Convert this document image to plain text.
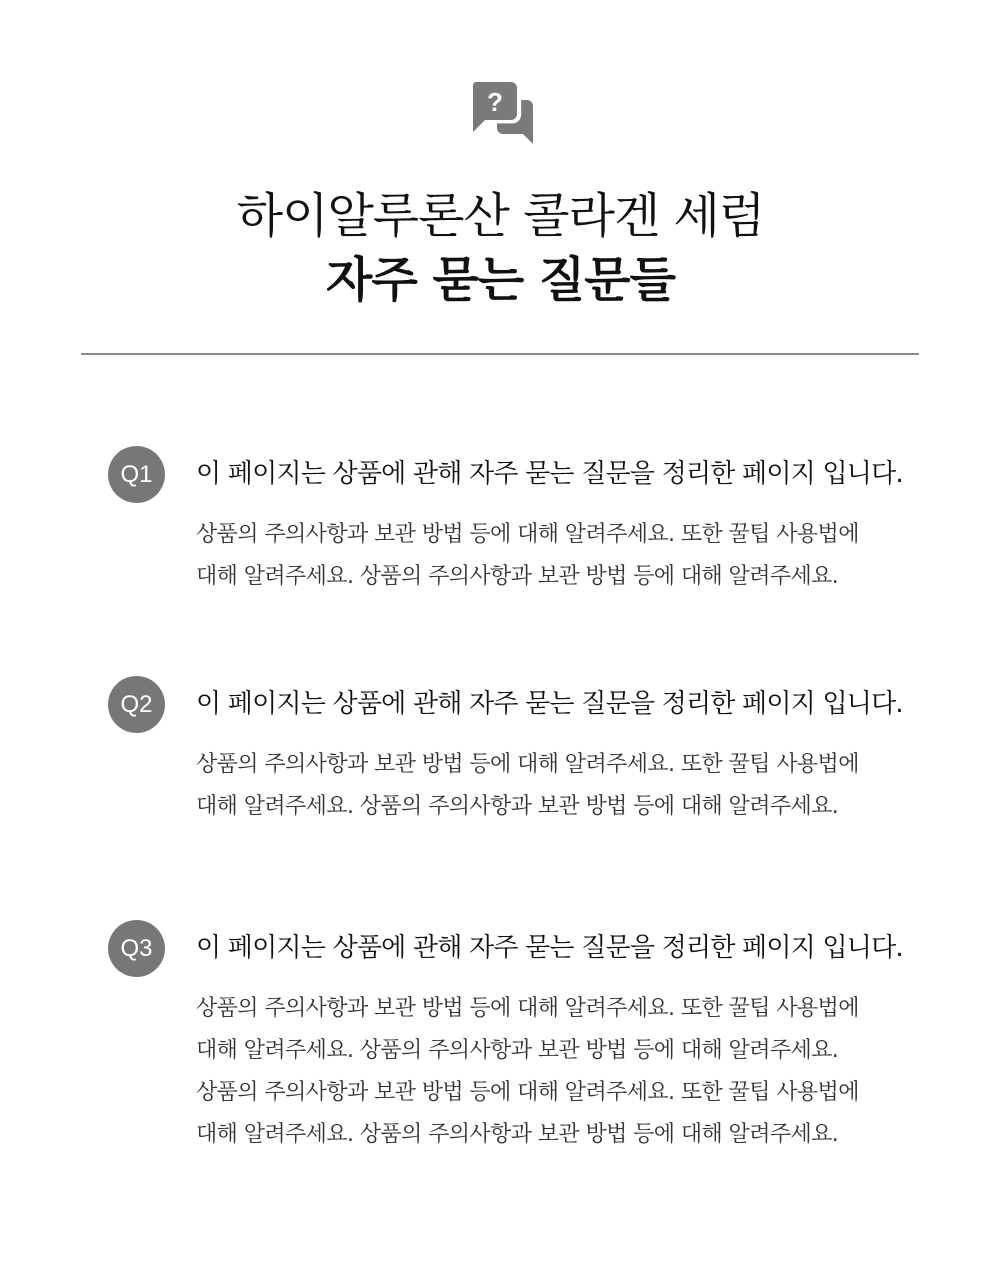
?
하이알루론산 콜라겐 세럼
자주 묻는 질문들
Q1	이 페이지는 상품에 관해 자주 묻는 질문을 정리한 페이지 입니다.
상품의 주의사항과 보관 방법 등에 대해 알려주세요. 또한 꿀팁 사용법에
대해 알려주세요. 상품의 주의사항과 보관 방법 등에 대해 알려주세요.
Q2	이 페이지는 상품에 관해 자주 묻는 질문을 정리한 페이지 입니다.
상품의 주의사항과 보관 방법 등에 대해 알려주세요. 또한 꿀팁 사용법에
대해 알려주세요. 상품의 주의사항과 보관 방법 등에 대해 알려주세요.
Q3	이 페이지는 상품에 관해 자주 묻는 질문을 정리한 페이지 입니다.
상품의 주의사항과 보관 방법 등에 대해 알려주세요. 또한 꿀팁 사용법에
대해 알려주세요. 상품의 주의사항과 보관 방법 등에 대해 알려주세요.
상품의 주의사항과 보관 방법 등에 대해 알려주세요. 또한 꿀팁 사용법에
대해 알려주세요. 상품의 주의사항과 보관 방법 등에 대해 알려주세요.
